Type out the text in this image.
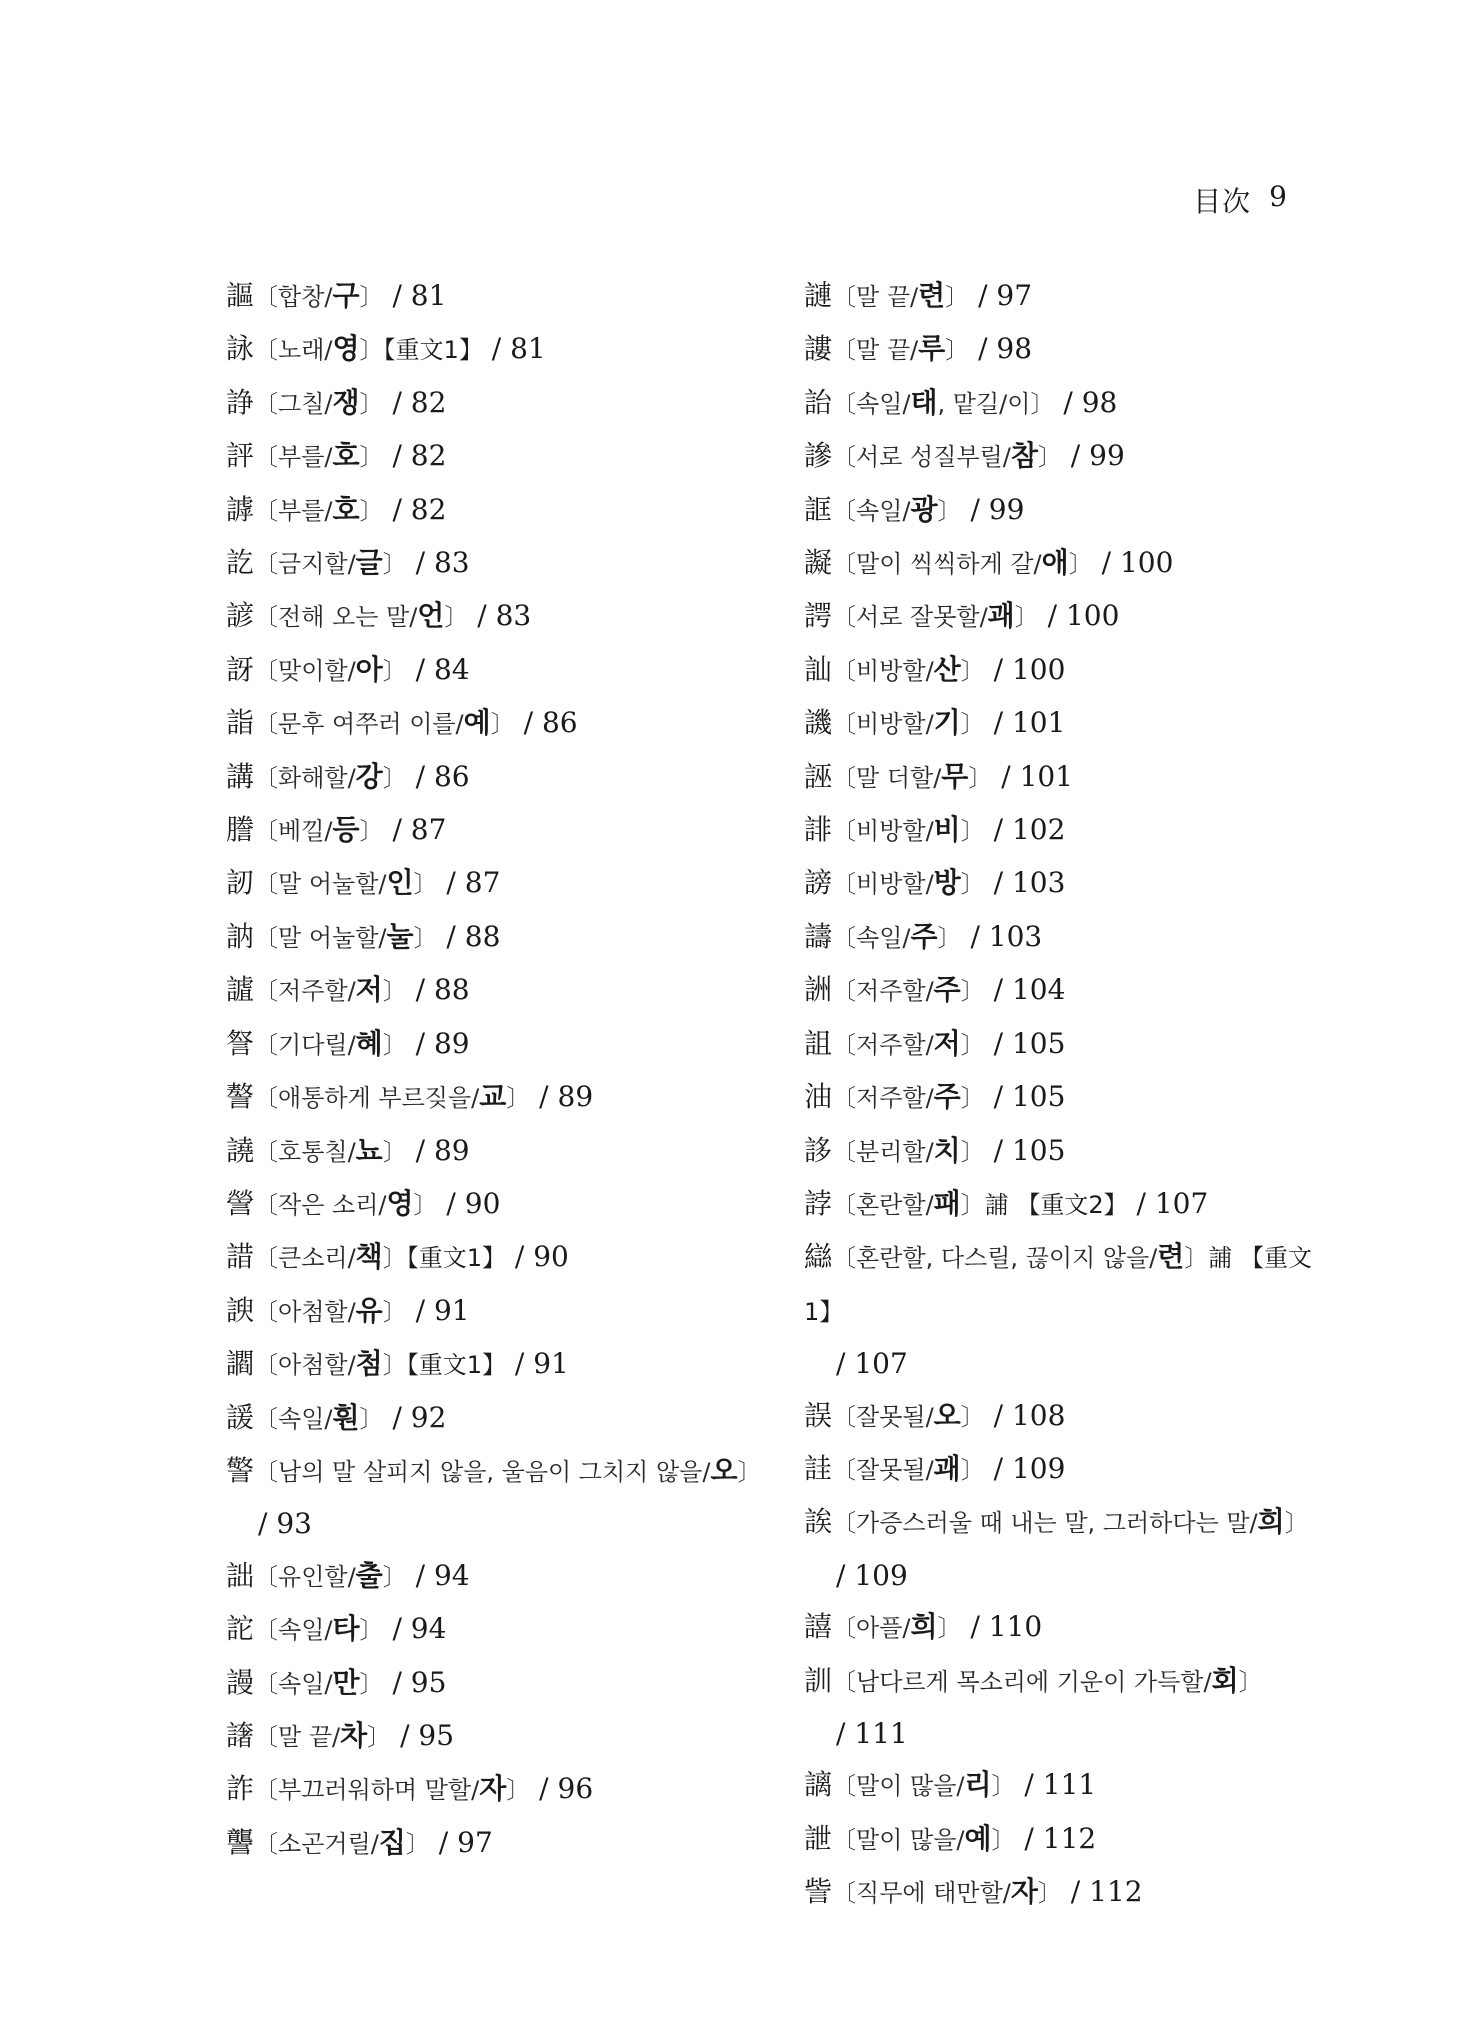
目次 9
謳〔합창/구〕 / 81
詠〔노래/영〕【重文1】 / 81
諍〔그칠/쟁〕 / 82
評〔부를/호〕 / 82
謼〔부를/호〕 / 82
訖〔금지할/글〕 / 83
諺〔전해 오는 말/언〕 / 83
訝〔맞이할/아〕 / 84
詣〔문후 여쭈러 이를/예〕 / 86
講〔화해할/강〕 / 86
謄〔베낄/등〕 / 87
訒〔말 어눌할/인〕 / 87
訥〔말 어눌할/눌〕 / 88
謯〔저주할/저〕 / 88
詧〔기다릴/혜〕 / 89
謷〔애통하게 부르짖을/교〕 / 89
譊〔호통칠/뇨〕 / 89
謍〔작은 소리/영〕 / 90
諎〔큰소리/책〕【重文1】 / 90
諛〔아첨할/유〕 / 91
讇〔아첨할/첨〕【重文1】 / 91
諼〔속일/훤〕 / 92
警〔남의 말 살피지 않을, 울음이 그치지 않을/오〕
/ 93
詘〔유인할/출〕 / 94
詑〔속일/타〕 / 94
謾〔속일/만〕 / 95
譇〔말 끝/차〕 / 95
詐〔부끄러워하며 말할/자〕 / 96
讋〔소곤거릴/집〕 / 97
謰〔말 끝/련〕 / 97
謱〔말 끝/루〕 / 98
詒〔속일/태, 맡길/이〕 / 98
謲〔서로 성질부릴/참〕 / 99
誆〔속일/광〕 / 99
譺〔말이 씩씩하게 갈/애〕 / 100
諤〔서로 잘못할/괘〕 / 100
訕〔비방할/산〕 / 100
譏〔비방할/기〕 / 101
誣〔말 더할/무〕 / 101
誹〔비방할/비〕 / 102
謗〔비방할/방〕 / 103
譸〔속일/주〕 / 103
詶〔저주할/주〕 / 104
詛〔저주할/저〕 / 105
油〔저주할/주〕 / 105
誃〔분리할/치〕 / 105
誖〔혼란할/패〕誧 【重文2】 / 107
䜌〔혼란할, 다스릴, 끊이지 않을/련〕誧 【重文1】
/ 107
誤〔잘못될/오〕 / 108
詿〔잘못될/괘〕 / 109
誒〔가증스러울 때 내는 말, 그러하다는 말/희〕
/ 109
譆〔아플/희〕 / 110
訓〔남다르게 목소리에 기운이 가득할/회〕
/ 111
謧〔말이 많을/리〕 / 111
詍〔말이 많을/예〕 / 112
訾〔직무에 태만할/자〕 / 112
